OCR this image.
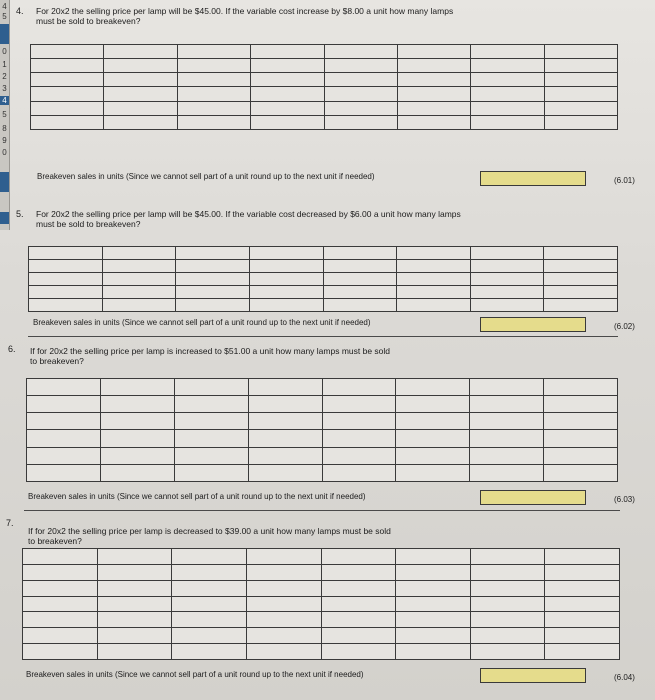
4
5
0
1
2
3
4
5
8
9
0
4. For 20x2 the selling price per lamp will be $45.00. If the variable cost increase by $8.00 a unit how many lamps
must be sold to breakeven?

Breakeven sales in units (Since we cannot sell part of a unit round up to the next unit if needed)	(6.01)
5. For 20x2 the selling price per lamp will be $45.00. If the variable cost decreased by $6.00 a unit how many lamps
must be sold to breakeven?

Breakeven sales in units (Since we cannot sell part of a unit round up to the next unit if needed)	(6.02)
6. If for 20x2 the selling price per lamp is increased to $51.00 a unit how many lamps must be sold
to breakeven?

Breakeven sales in units (Since we cannot sell part of a unit round up to the next unit if needed)	(6.03)
7.
If for 20x2 the selling price per lamp is decreased to $39.00 a unit how many lamps must be sold
to breakeven?

Breakeven sales in units (Since we cannot sell part of a unit round up to the next unit if needed)	(6.04)
